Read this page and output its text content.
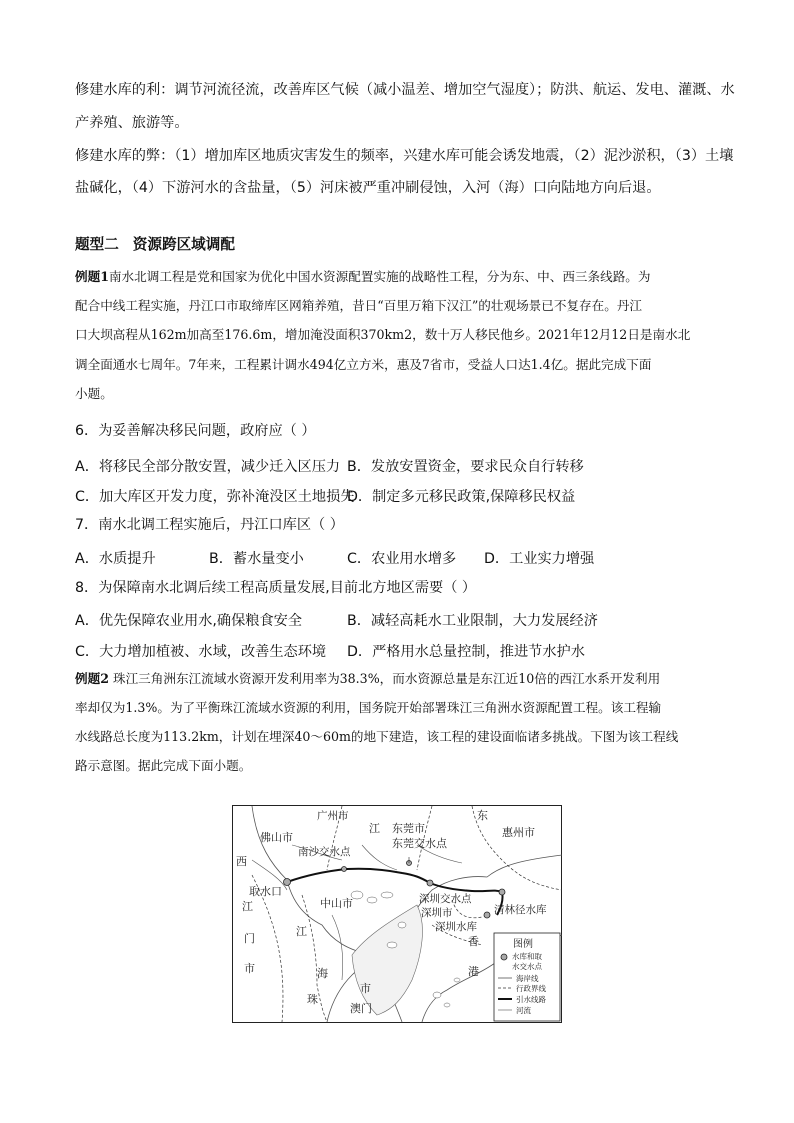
修建水库的利：调节河流径流，改善库区气候（减小温差、增加空气湿度）；防洪、航运、发电、灌溉、水
产养殖、旅游等。
修建水库的弊：（1）增加库区地质灾害发生的频率，兴建水库可能会诱发地震，（2）泥沙淤积，（3）土壤
盐碱化，（4）下游河水的含盐量，（5）河床被严重冲刷侵蚀，入河（海）口向陆地方向后退。
题型二 资源跨区域调配
例题1南水北调工程是党和国家为优化中国水资源配置实施的战略性工程，分为东、中、西三条线路。为
配合中线工程实施，丹江口市取缔库区网箱养殖，昔日“百里万箱下汉江”的壮观场景已不复存在。丹江
口大坝高程从162m加高至176.6m，增加淹没面积370km2，数十万人移民他乡。2021年12月12日是南水北
调全面通水七周年。7年来，工程累计调水494亿立方米，惠及7省市，受益人口达1.4亿。据此完成下面
小题。
6．为妥善解决移民问题，政府应（ ）
A．将移民全部分散安置，减少迁入区压力 B．发放安置资金，要求民众自行转移
C．加大库区开发力度，弥补淹没区土地损失
D．制定多元移民政策,保障移民权益
7．南水北调工程实施后，丹江口库区（ ）
A．水质提升	B．蓄水量变小	C．农业用水增多 D．工业实力增强
8．为保障南水北调后续工程高质量发展,目前北方地区需要（ ）
A．优先保障农业用水,确保粮食安全	B．减轻高耗水工业限制，大力发展经济
C．大力增加植被、水域，改善生态环境 D．严格用水总量控制，推进节水护水
例题2 珠江三角洲东江流域水资源开发利用率为38.3%，而水资源总量是东江近10倍的西江水系开发利用
率却仅为1.3%。为了平衡珠江流域水资源的利用，国务院开始部署珠江三角洲水资源配置工程。该工程输
水线路总长度为113.2km，计划在埋深40～60m的地下建造，该工程的建设面临诸多挑战。下图为该工程线
路示意图。据此完成下面小题。
广州市
江 东莞市
东莞交水点
东
惠州市
佛山市
南沙交水点
西
取水口
江
门
市
中山市
江
海
珠
市
澳门
深圳交水点
深圳市
深圳水库
清林径水库
香
港
图例
水库和取
水交水点
海岸线
行政界线
引水线路
河流
